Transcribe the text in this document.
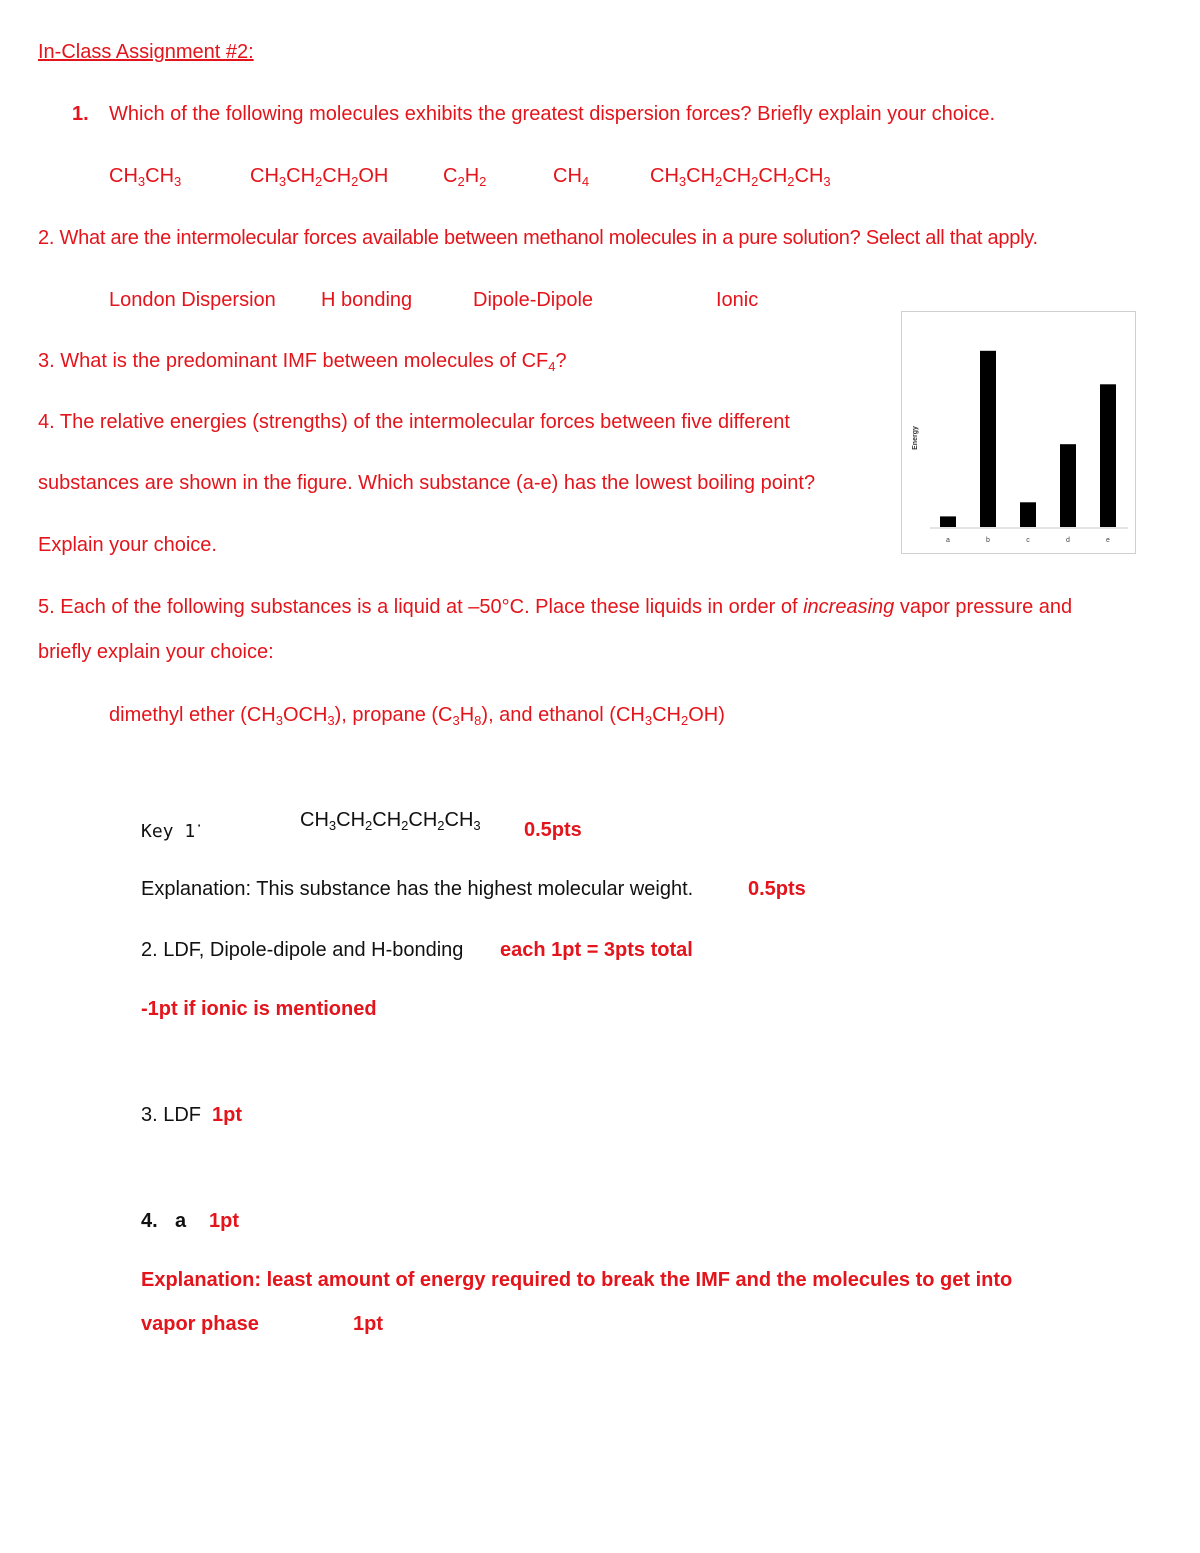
In-Class Assignment #2:
1. Which of the following molecules exhibits the greatest dispersion forces? Briefly explain your choice.
$CH_3CH_3$	$CH_3CH_2CH_2OH$	$C_2H_2$	$CH_4$	$CH_3CH_2CH_2CH_2CH_3$
2. What are the intermolecular forces available between methanol molecules in a pure solution? Select all that apply.
London Dispersion H bonding	Dipole-Dipole	Ionic
3. What is the predominant IMF between molecules of $CF_4$?
4. The relative energies (strengths) of the intermolecular forces between five different
substances are shown in the figure. Which substance (a-e) has the lowest boiling point?
Explain your choice.
Energy
a	b	c	d	e
5. Each of the following substances is a liquid at –50°C. Place these liquids in order of increasing vapor pressure and
briefly explain your choice:
dimethyl ether $(CH_3OCH_3)$, propane $(C_3H_8)$, and ethanol $(CH_3CH_2OH)$
Key 1·	$CH_3CH_2CH_2CH_2CH_3$ 0.5pts
Explanation: This substance has the highest molecular weight.	0.5pts
2. LDF, Dipole-dipole and H-bonding each 1pt = 3pts total
-1pt if ionic is mentioned
3. LDF 1pt
4. a 1pt
Explanation: least amount of energy required to break the IMF and the molecules to get into
vapor phase	1pt
